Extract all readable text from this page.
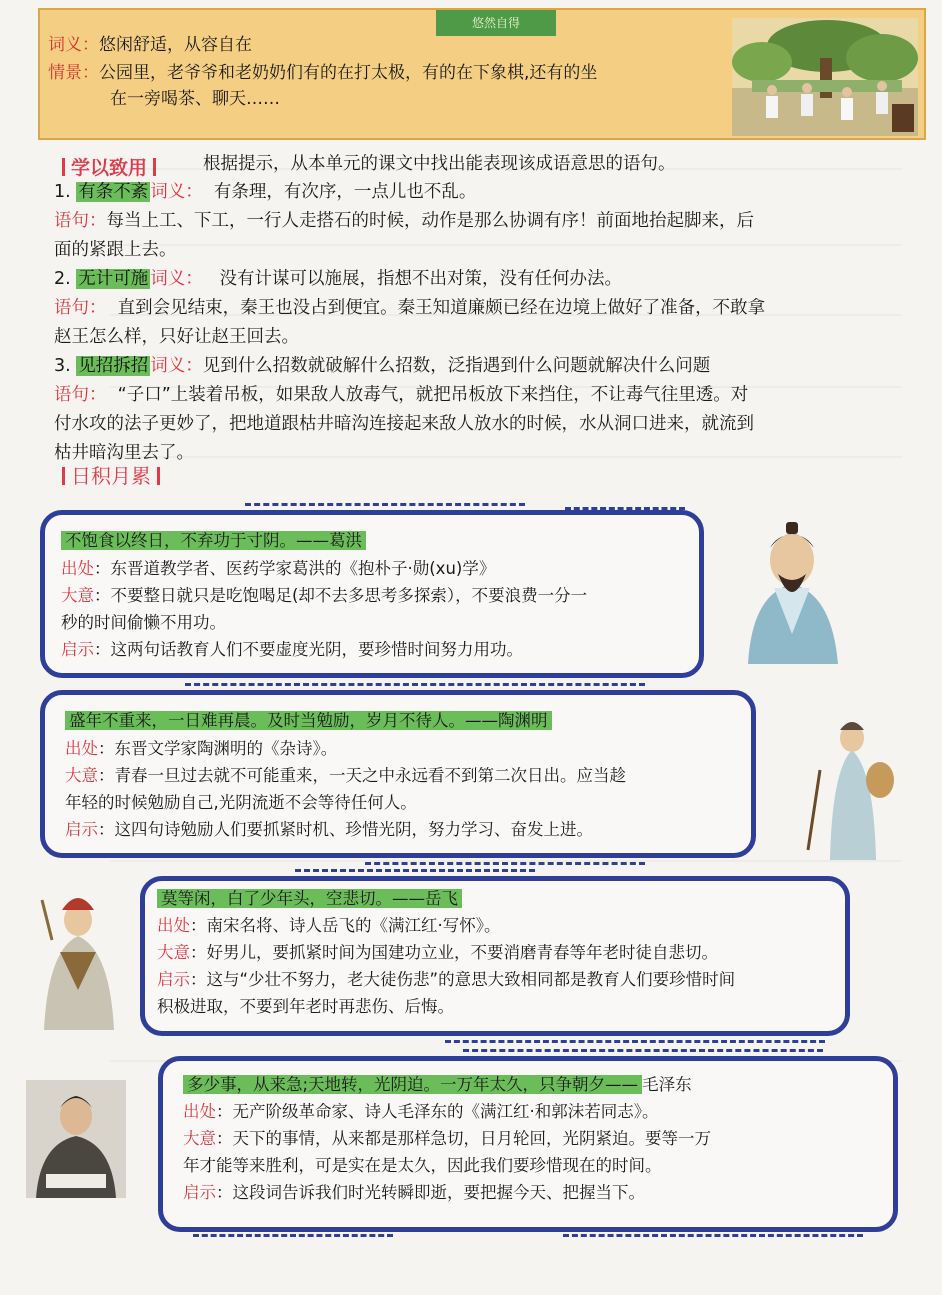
悠然自得
词义：悠闲舒适，从容自在
情景：公园里，老爷爷和老奶奶们有的在打太极，有的在下象棋,还有的坐
在一旁喝茶、聊天……
学以致用	根据提示，从本单元的课文中找出能表现该成语意思的语句。
1. 有条不紊 词义： 有条理，有次序，一点儿也不乱。
语句：每当上工、下工，一行人走搭石的时候，动作是那么协调有序！前面地抬起脚来，后
面的紧跟上去。
2. 无计可施 词义： 没有计谋可以施展，指想不出对策，没有任何办法。
语句： 直到会见结束，秦王也没占到便宜。秦王知道廉颇已经在边境上做好了准备，不敢拿
赵王怎么样，只好让赵王回去。
3. 见招拆招 词义：见到什么招数就破解什么招数，泛指遇到什么问题就解决什么问题
语句： “子口”上装着吊板，如果敌人放毒气，就把吊板放下来挡住，不让毒气往里透。对
付水攻的法子更妙了，把地道跟枯井暗沟连接起来敌人放水的时候，水从洞口进来，就流到
枯井暗沟里去了。
日积月累
不饱食以终日，不弃功于寸阴。——葛洪
出处：东晋道教学者、医药学家葛洪的《抱朴子·勋(xu)学》
大意：不要整日就只是吃饱喝足(却不去多思考多探索），不要浪费一分一
秒的时间偷懒不用功。
启示：这两句话教育人们不要虚度光阴，要珍惜时间努力用功。
盛年不重来，一日难再晨。及时当勉励，岁月不待人。——陶渊明
出处：东晋文学家陶渊明的《杂诗》。
大意：青春一旦过去就不可能重来，一天之中永远看不到第二次日出。应当趁
年轻的时候勉励自己,光阴流逝不会等待任何人。
启示：这四句诗勉励人们要抓紧时机、珍惜光阴，努力学习、奋发上进。
莫等闲，白了少年头，空悲切。——岳飞
出处：南宋名将、诗人岳飞的《满江红·写怀》。
大意：好男儿，要抓紧时间为国建功立业，不要消磨青春等年老时徒自悲切。
启示：这与“少壮不努力，老大徒伤悲”的意思大致相同都是教育人们要珍惜时间
积极进取，不要到年老时再悲伤、后悔。
多少事，从来急;天地转，光阴迫。一万年太久，只争朝夕—— 毛泽东
出处：无产阶级革命家、诗人毛泽东的《满江红·和郭沫若同志》。
大意：天下的事情，从来都是那样急切，日月轮回，光阴紧迫。要等一万
年才能等来胜利，可是实在是太久，因此我们要珍惜现在的时间。
启示：这段词告诉我们时光转瞬即逝，要把握今天、把握当下。
